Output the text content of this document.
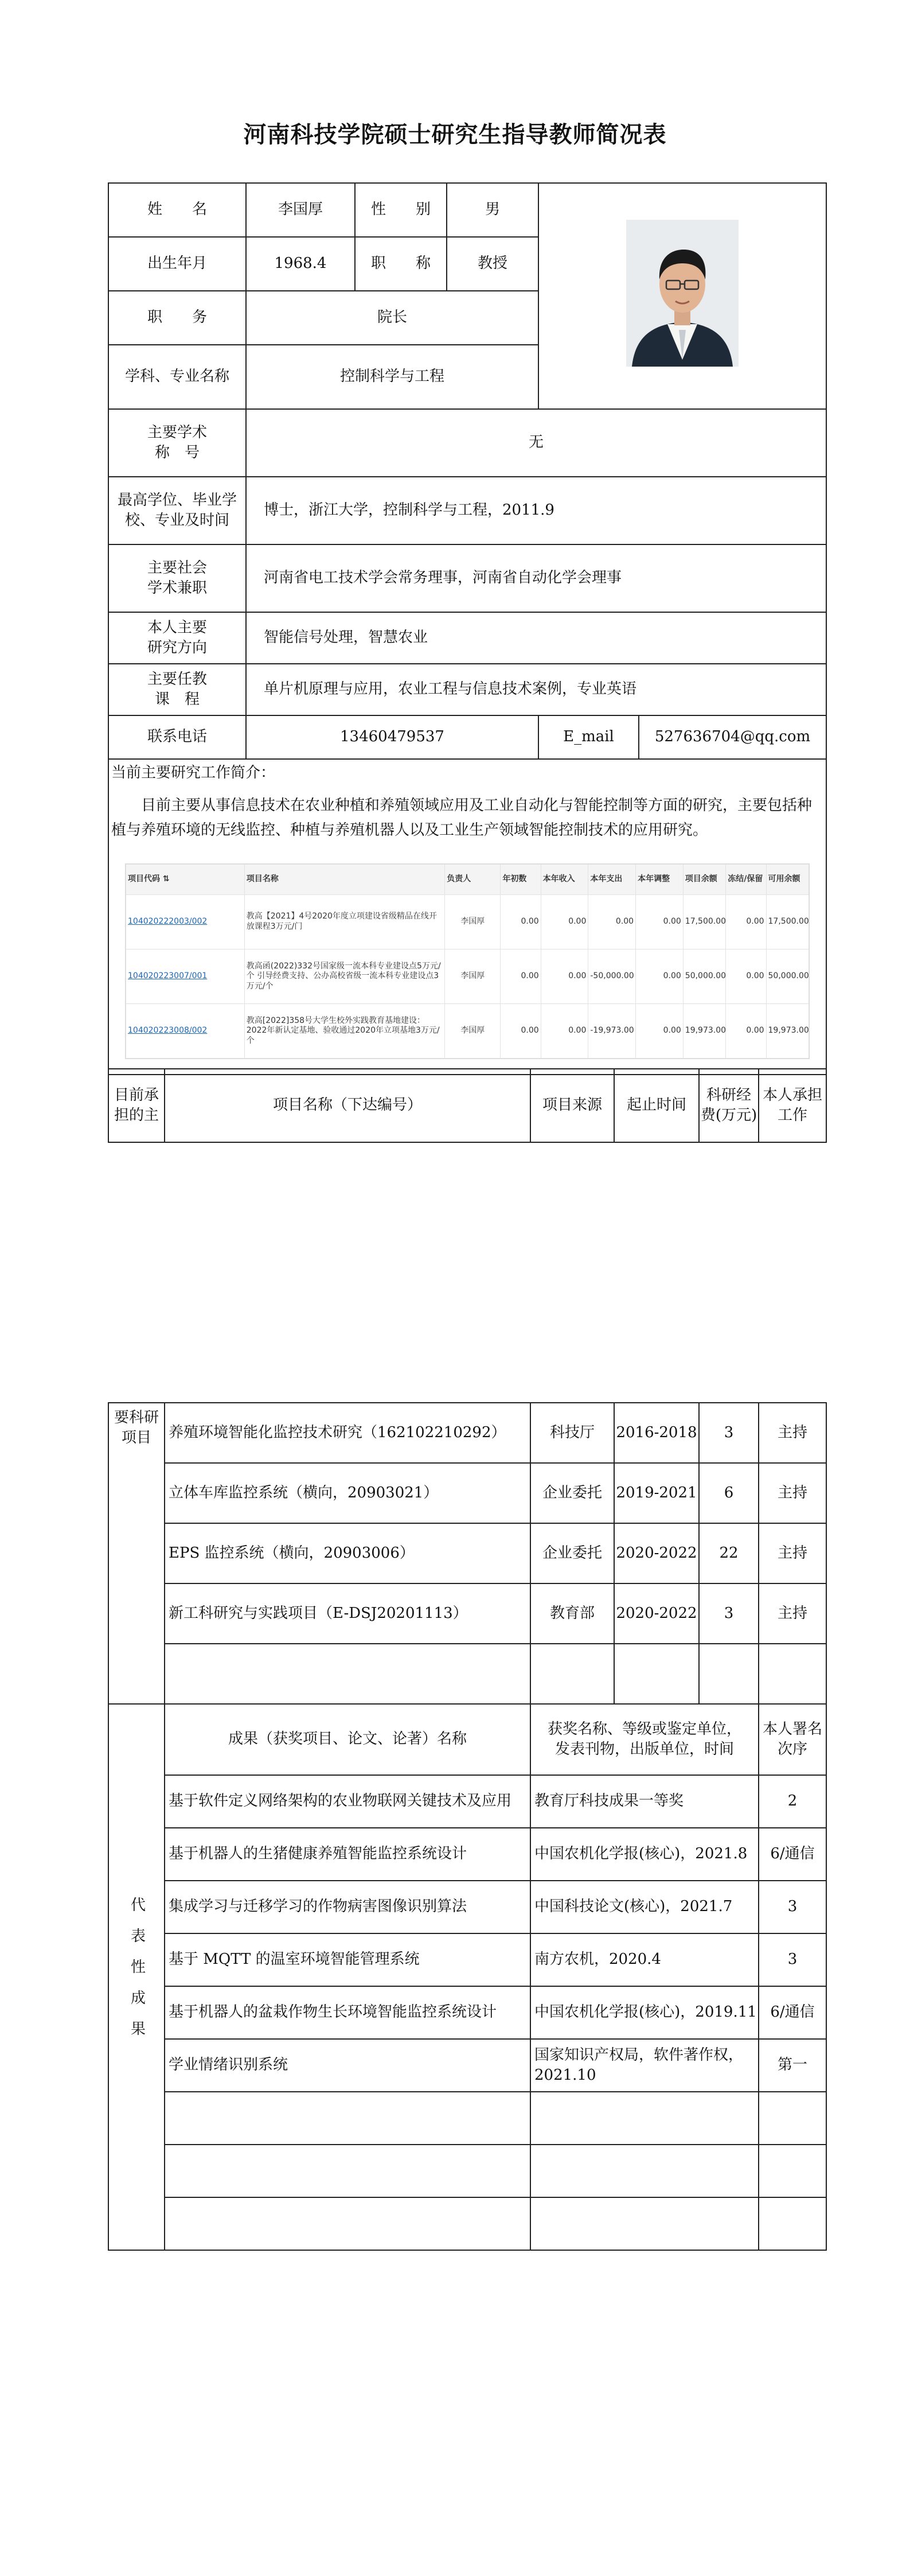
河南科技学院硕士研究生指导教师简况表
姓　　名	李国厚	性　　别	男	
出生年月	1968.4	职　　称	教授
职　　务	院长
学科、专业名称	控制科学与工程

主要学术
称　号
	无

最高学位、毕业学
校、专业及时间
	博士，浙江大学，控制科学与工程，2011.9

主要社会
学术兼职
	河南省电工技术学会常务理事，河南省自动化学会理事

本人主要
研究方向
	智能信号处理，智慧农业

主要任教
课　程
	单片机原理与应用，农业工程与信息技术案例，专业英语
联系电话	13460479537	E_mail	527636704@qq.com

当前主要研究工作简介：
目前主要从事信息技术在农业种植和养殖领域应用及工业自动化与智能控制等方面的研究，主要包括种植与养殖环境的无线监控、种植与养殖机器人以及工业生产领域智能控制技术的应用研究。
项目代码 ⇅	项目名称	负责人	年初数	本年收入	本年支出	本年调整	项目余额	冻结/保留	可用余额
104020222003/002	教高【2021】4号2020年度立项建设省级精品在线开放课程3万元/门	李国厚	0.00	0.00	0.00	0.00	17,500.00	0.00	17,500.00
104020223007/001	教高函(2022)332号国家级一流本科专业建设点5万元/个 引导经费支持、公办高校省级一流本科专业建设点3万元/个	李国厚	0.00	0.00	-50,000.00	0.00	50,000.00	0.00	50,000.00
104020223008/002	教高[2022]358号大学生校外实践教育基地建设：2022年新认定基地、验收通过2020年立项基地3万元/个	李国厚	0.00	0.00	-19,973.00	0.00	19,973.00	0.00	19,973.00
目前承担的主	项目名称（下达编号）	项目来源	起止时间	科研经费(万元)	本人承担工作
要科研项目	养殖环境智能化监控技术研究（162102210292）	科技厅	2016-2018	3	主持
	立体车库监控系统（横向，20903021）	企业委托	2019-2021	6	主持
	EPS 监控系统（横向，20903006）	企业委托	2020-2022	22	主持
	新工科研究与实践项目（E-DSJ20201113）	教育部	2020-2022	3	主持

代表性成果	成果（获奖项目、论文、论著）名称	获奖名称、等级或鉴定单位，
发表刊物，出版单位，时间			本人署名次序
	基于软件定义网络架构的农业物联网关键技术及应用	教育厅科技成果一等奖			2
	基于机器人的生猪健康养殖智能监控系统设计	中国农机化学报(核心)，2021.8			6/通信
	集成学习与迁移学习的作物病害图像识别算法	中国科技论文(核心)，2021.7			3
	基于 MQTT 的温室环境智能管理系统	南方农机，2020.4			3
	基于机器人的盆栽作物生长环境智能监控系统设计	中国农机化学报(核心)，2019.11			6/通信
	学业情绪识别系统	国家知识产权局，软件著作权，2021.10			第一
